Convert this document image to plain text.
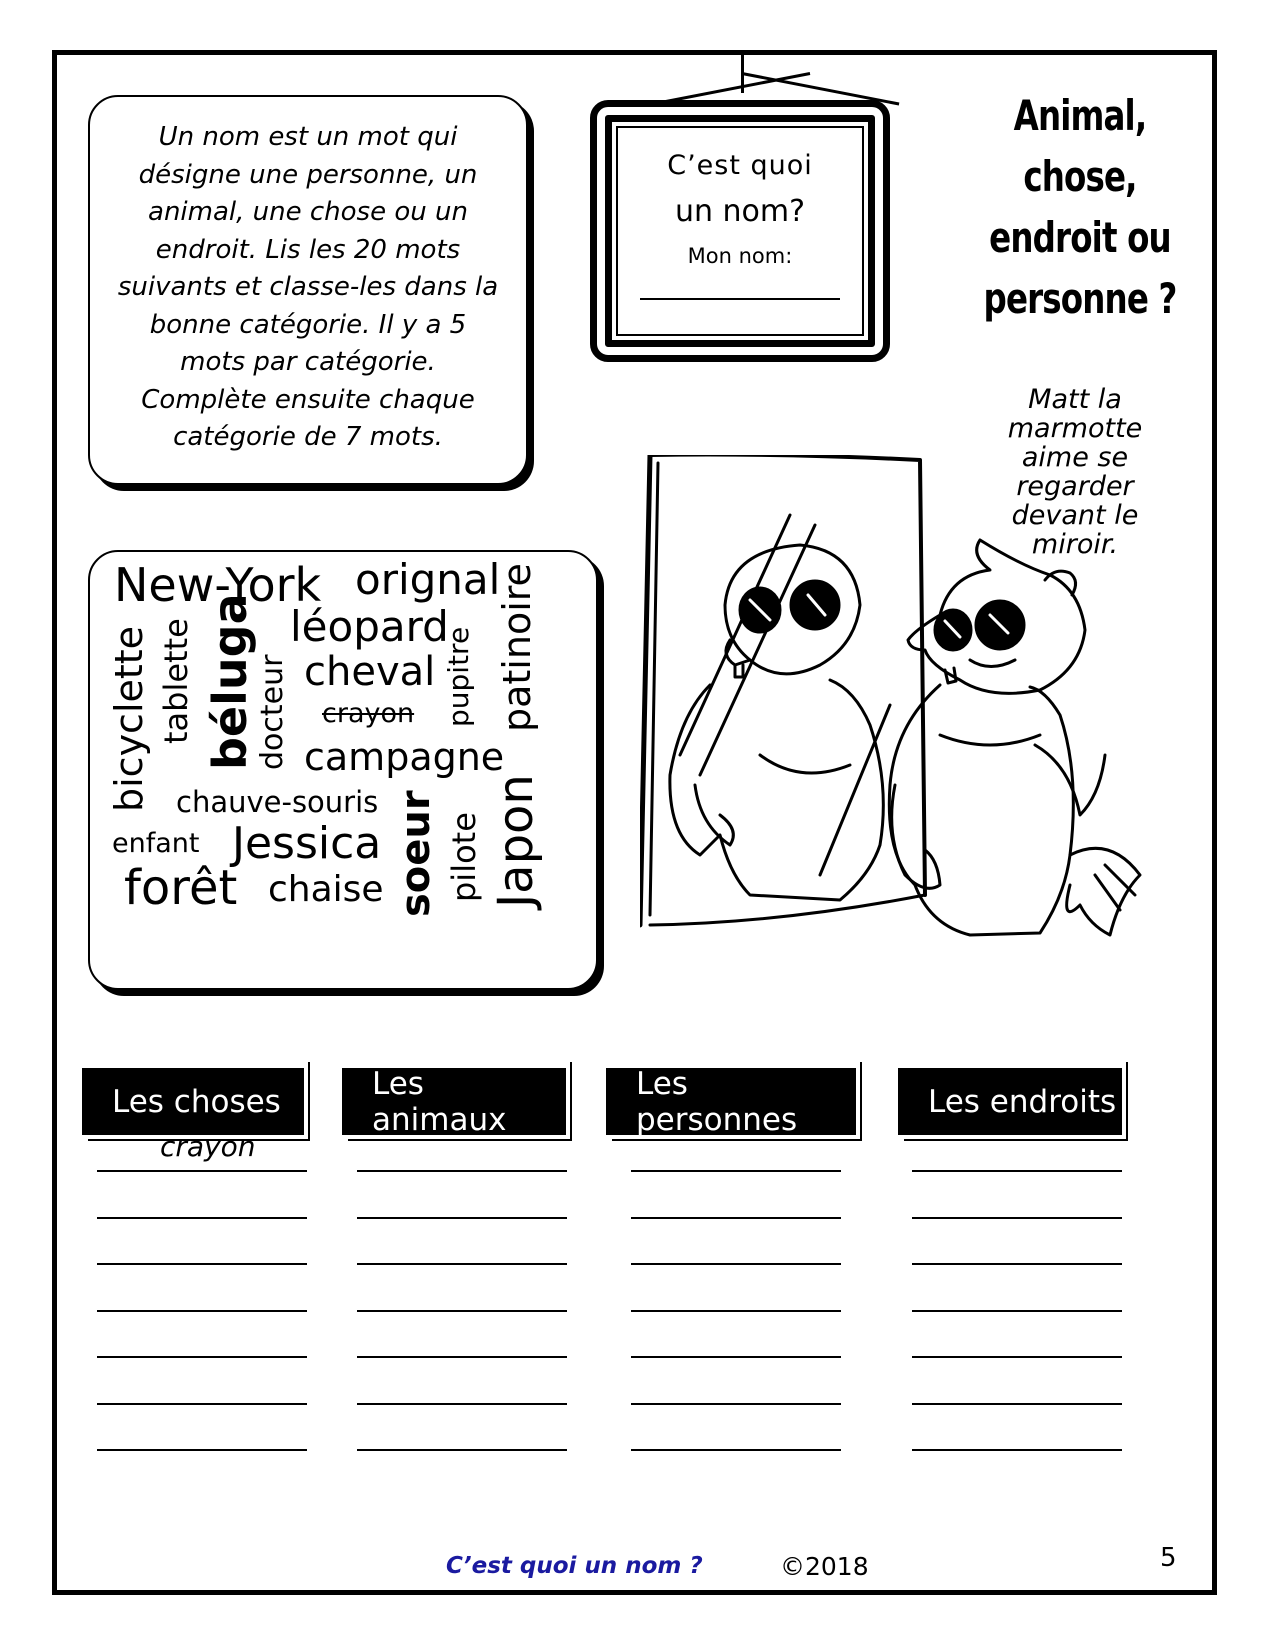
Un nom est un mot qui désigne une personne, un animal, une chose ou un endroit. Lis les 20 mots suivants et classe-les dans la bonne catégorie. Il y a 5 mots par catégorie. Complète ensuite chaque catégorie de 7 mots.
C’est quoi
un nom?
Mon nom:
Animal,
chose,
endroit ou
personne ?
Matt la
marmotte
aime se
regarder
devant le
miroir.
New-York orignal
léopard
cheval
crayon
campagne
chauve-souris
enfant Jessica
forêt chaise
bicyclette tablette béluga
docteur	pupitre patinoire
soeur pilote Japon
Les choses	Les animaux
Les personnes	Les endroits
crayon
C’est quoi un nom ?	©2018	5
